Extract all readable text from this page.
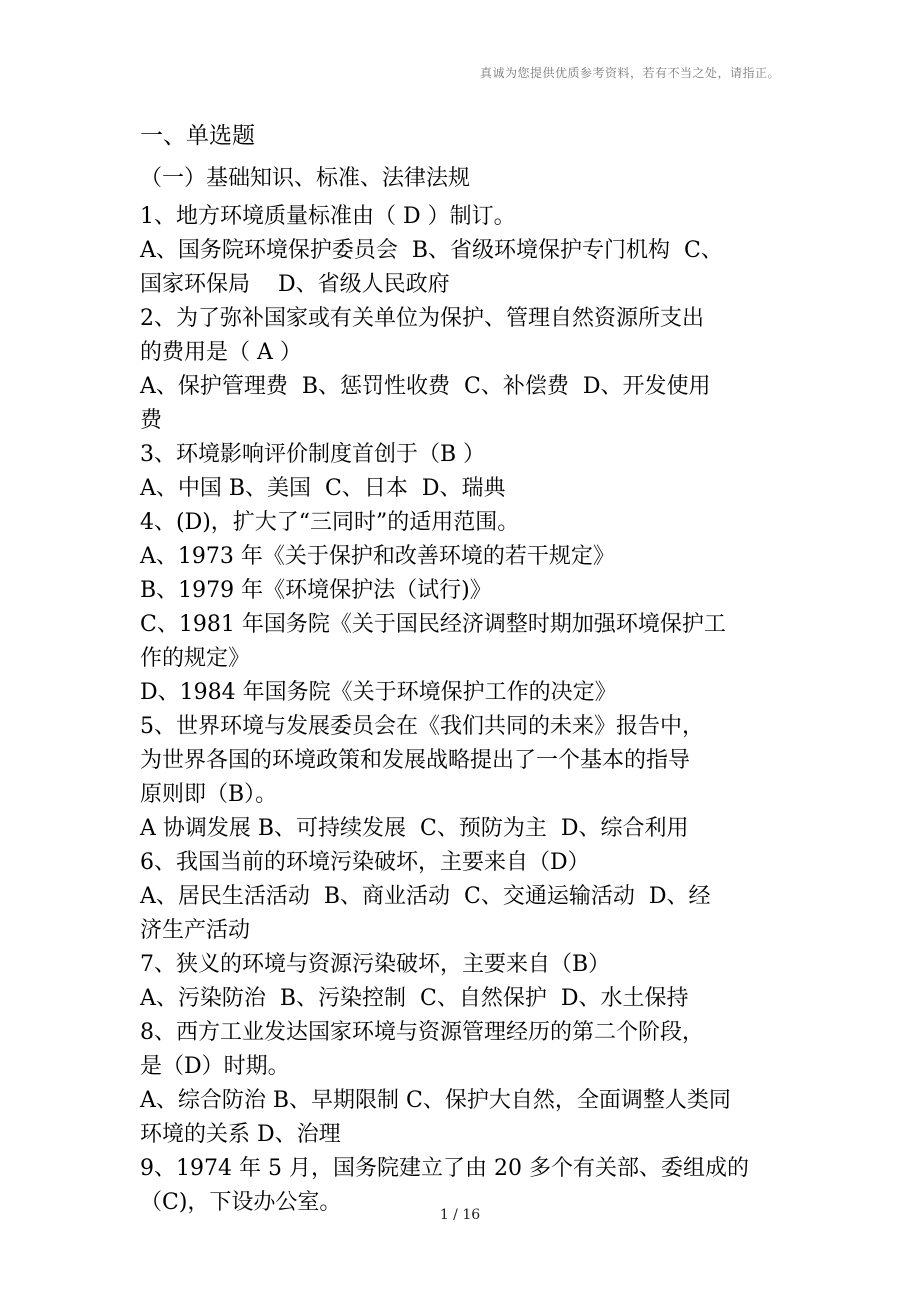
真诚为您提供优质参考资料，若有不当之处，请指正。
一、单选题
（一）基础知识、标准、法律法规

1、地方环境质量标准由（ D ）制订。

A、国务院环境保护委员会  B、省级环境保护专门机构  C、

国家环保局    D、省级人民政府

2、为了弥补国家或有关单位为保护、管理自然资源所支出

的费用是（ A ）

A、保护管理费  B、惩罚性收费  C、补偿费  D、开发使用

费

3、环境影响评价制度首创于（B ）

A、中国 B、美国  C、日本  D、瑞典

4、(D)，扩大了“三同时”的适用范围。

A、1973 年《关于保护和改善环境的若干规定》

B、1979 年《环境保护法（试行)》

C、1981 年国务院《关于国民经济调整时期加强环境保护工

作的规定》

D、1984 年国务院《关于环境保护工作的决定》

5、世界环境与发展委员会在《我们共同的未来》报告中，

为世界各国的环境政策和发展战略提出了一个基本的指导

原则即（B）。

A 协调发展 B、可持续发展  C、预防为主  D、综合利用

6、我国当前的环境污染破坏，主要来自（D）

A、居民生活活动  B、商业活动  C、交通运输活动  D、经

济生产活动

7、狭义的环境与资源污染破坏，主要来自（B）

A、污染防治  B、污染控制  C、自然保护  D、水土保持

8、西方工业发达国家环境与资源管理经历的第二个阶段，

是（D）时期。

A、综合防治 B、早期限制 C、保护大自然，全面调整人类同

环境的关系 D、治理

9、1974 年 5 月，国务院建立了由 20 多个有关部、委组成的

（C)，下设办公室。	1 / 16
